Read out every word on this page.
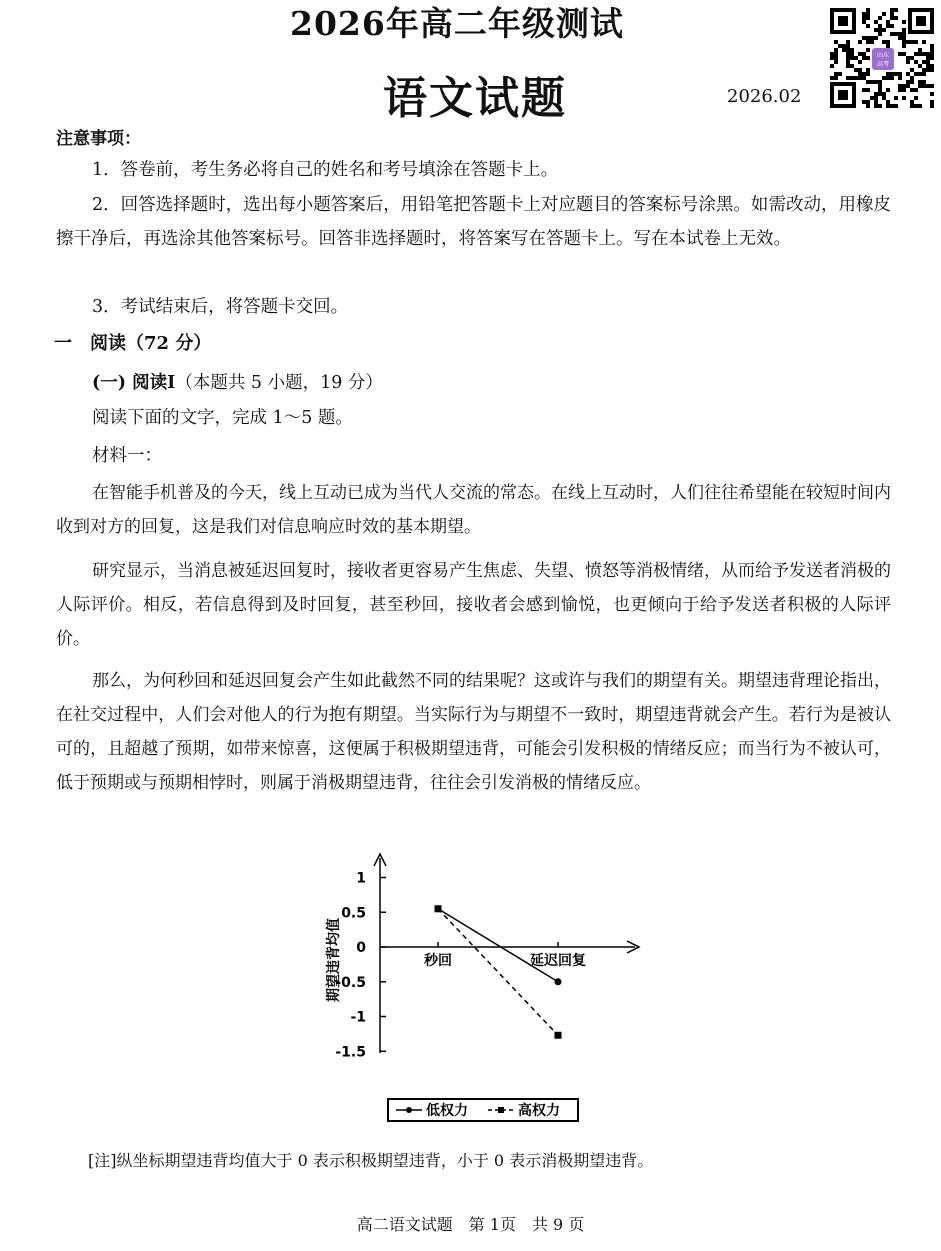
2026年高二年级测试
语文试题	2026.02
山东
高考
注意事项：
1．答卷前，考生务必将自己的姓名和考号填涂在答题卡上。
2．回答选择题时，选出每小题答案后，用铅笔把答题卡上对应题目的答案标号涂黑。如需改动，用橡皮擦干净后，再选涂其他答案标号。回答非选择题时，将答案写在答题卡上。写在本试卷上无效。
3．考试结束后，将答题卡交回。
一　阅读（72 分）
(一) 阅读Ⅰ（本题共 5 小题，19 分）
阅读下面的文字，完成 1～5 题。
材料一：
在智能手机普及的今天，线上互动已成为当代人交流的常态。在线上互动时，人们往往希望能在较短时间内收到对方的回复，这是我们对信息响应时效的基本期望。
研究显示，当消息被延迟回复时，接收者更容易产生焦虑、失望、愤怒等消极情绪，从而给予发送者消极的人际评价。相反，若信息得到及时回复，甚至秒回，接收者会感到愉悦，也更倾向于给予发送者积极的人际评价。
那么，为何秒回和延迟回复会产生如此截然不同的结果呢？这或许与我们的期望有关。期望违背理论指出，在社交过程中，人们会对他人的行为抱有期望。当实际行为与期望不一致时，期望违背就会产生。若行为是被认可的，且超越了预期，如带来惊喜，这便属于积极期望违背，可能会引发积极的情绪反应；而当行为不被认可，低于预期或与预期相悖时，则属于消极期望违背，往往会引发消极的情绪反应。
1
0.5
0
-0.5
-1
-1.5
秒回	延迟回复
期望违背均值
低权力	高权力
[注]纵坐标期望违背均值大于 0 表示积极期望违背，小于 0 表示消极期望违背。
高二语文试题　第 1页　共 9 页
